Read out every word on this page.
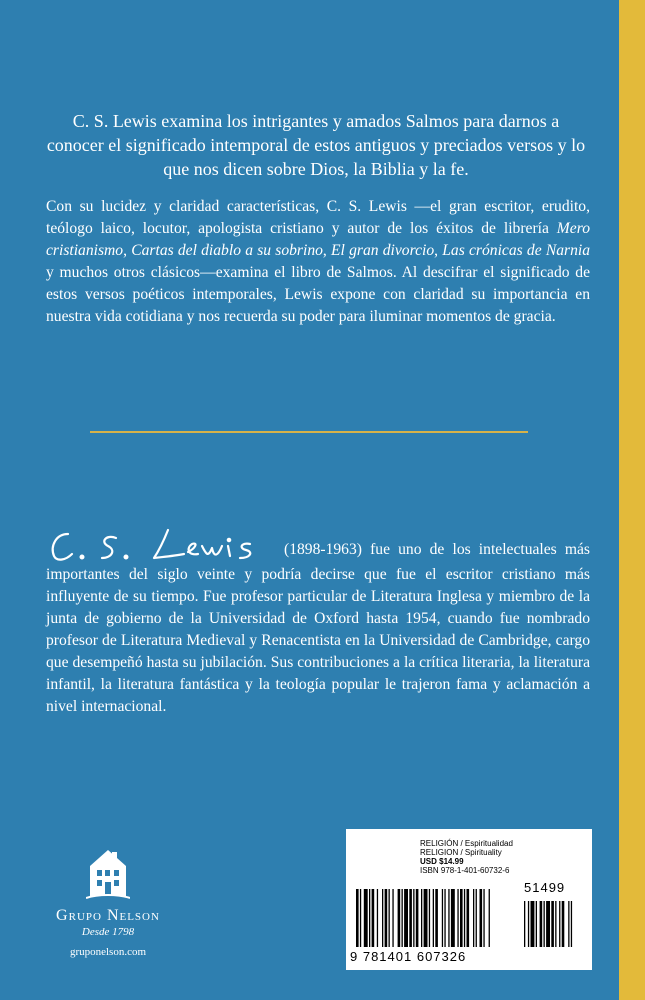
C. S. Lewis examina los intrigantes y amados Salmos para darnos a conocer el significado intemporal de estos antiguos y preciados versos y lo que nos dicen sobre Dios, la Biblia y la fe.
Con su lucidez y claridad características, C. S. Lewis —el gran escritor, erudito, teólogo laico, locutor, apologista cristiano y autor de los éxitos de librería Mero cristianismo, Cartas del diablo a su sobrino, El gran divorcio, Las crónicas de Narnia y muchos otros clásicos—examina el libro de Salmos. Al descifrar el significado de estos versos poéticos intemporales, Lewis expone con claridad su importancia en nuestra vida cotidiana y nos recuerda su poder para iluminar momentos de gracia.
(1898-1963) fue uno de los intelectuales más importantes del siglo veinte y podría decirse que fue el escritor cristiano más influyente de su tiempo. Fue profesor particular de Literatura Inglesa y miembro de la junta de gobierno de la Universidad de Oxford hasta 1954, cuando fue nombrado profesor de Literatura Medieval y Renacentista en la Universidad de Cambridge, cargo que desempeñó hasta su jubilación. Sus contribuciones a la crítica literaria, la literatura infantil, la literatura fantástica y la teología popular le trajeron fama y aclamación a nivel internacional.
Grupo Nelson
Desde 1798
gruponelson.com
RELIGIÓN / Espiritualidad
RELIGION / Spirituality
USD $14.99
ISBN 978-1-401-60732-6
51499
9 781401 607326
